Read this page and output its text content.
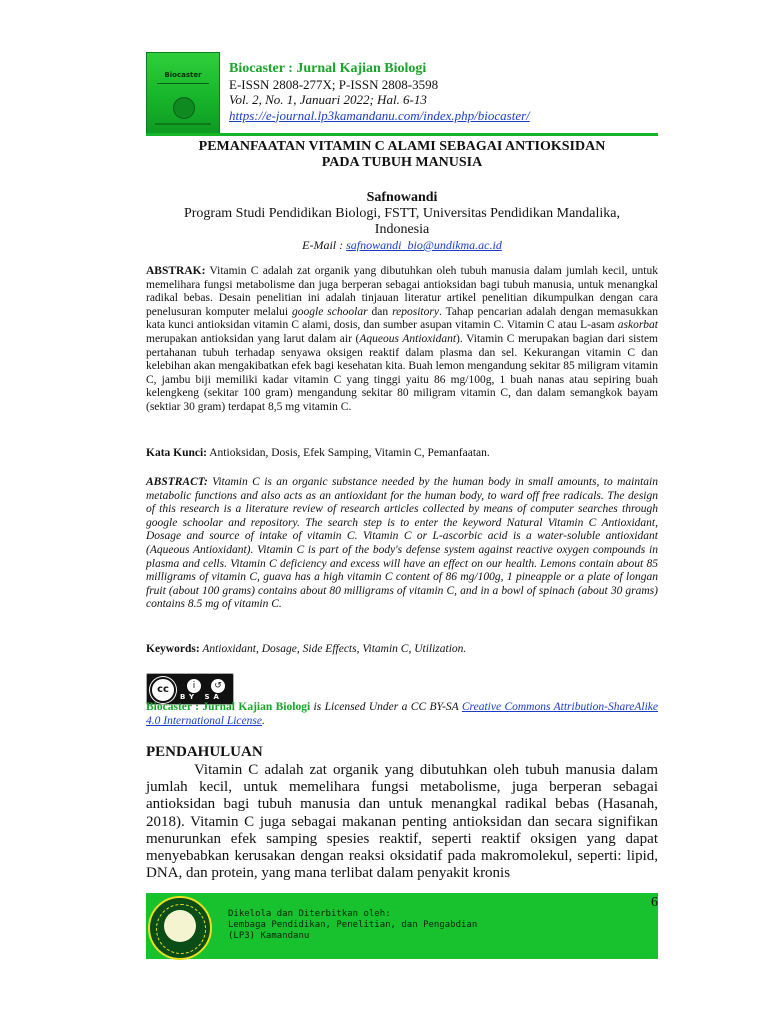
Biocaster	Biocaster : Jurnal Kajian Biologi
E-ISSN 2808-277X; P-ISSN 2808-3598
Vol. 2, No. 1, Januari 2022; Hal. 6-13
https://e-journal.lp3kamandanu.com/index.php/biocaster/
PEMANFAATAN VITAMIN C ALAMI SEBAGAI ANTIOKSIDAN
PADA TUBUH MANUSIA
Safnowandi
Program Studi Pendidikan Biologi, FSTT, Universitas Pendidikan Mandalika,
Indonesia
E-Mail : safnowandi_bio@undikma.ac.id
ABSTRAK: Vitamin C adalah zat organik yang dibutuhkan oleh tubuh manusia dalam jumlah kecil, untuk memelihara fungsi metabolisme dan juga berperan sebagai antioksidan bagi tubuh manusia, untuk menangkal radikal bebas. Desain penelitian ini adalah tinjauan literatur artikel penelitian dikumpulkan dengan cara penelusuran komputer melalui google schoolar dan repository. Tahap pencarian adalah dengan memasukkan kata kunci antioksidan vitamin C alami, dosis, dan sumber asupan vitamin C. Vitamin C atau L-asam askorbat merupakan antioksidan yang larut dalam air (Aqueous Antioxidant). Vitamin C merupakan bagian dari sistem pertahanan tubuh terhadap senyawa oksigen reaktif dalam plasma dan sel. Kekurangan vitamin C dan kelebihan akan mengakibatkan efek bagi kesehatan kita. Buah lemon mengandung sekitar 85 miligram vitamin C, jambu biji memiliki kadar vitamin C yang tinggi yaitu 86 mg/100g, 1 buah nanas atau sepiring buah kelengkeng (sekitar 100 gram) mengandung sekitar 80 miligram vitamin C, dan dalam semangkok bayam (sektiar 30 gram) terdapat 8,5 mg vitamin C.
Kata Kunci: Antioksidan, Dosis, Efek Samping, Vitamin C, Pemanfaatan.
ABSTRACT: Vitamin C is an organic substance needed by the human body in small amounts, to maintain metabolic functions and also acts as an antioxidant for the human body, to ward off free radicals. The design of this research is a literature review of research articles collected by means of computer searches through google schoolar and repository. The search step is to enter the keyword Natural Vitamin C Antioxidant, Dosage and source of intake of vitamin C. Vitamin C or L-ascorbic acid is a water-soluble antioxidant (Aqueous Antioxidant). Vitamin C is part of the body's defense system against reactive oxygen compounds in plasma and cells. Vitamin C deficiency and excess will have an effect on our health. Lemons contain about 85 milligrams of vitamin C, guava has a high vitamin C content of 86 mg/100g, 1 pineapple or a plate of longan fruit (about 100 grams) contains about 80 milligrams of vitamin C, and in a bowl of spinach (about 30 grams) contains 8.5 mg of vitamin C.
Keywords: Antioxidant, Dosage, Side Effects, Vitamin C, Utilization.
cc	i	↺
BY SA
Biocaster : Jurnal Kajian Biologi is Licensed Under a CC BY-SA Creative Commons Attribution-ShareAlike 4.0 International License.
PENDAHULUAN

Vitamin C adalah zat organik yang dibutuhkan oleh tubuh manusia dalam jumlah kecil, untuk memelihara fungsi metabolisme, juga berperan sebagai antioksidan bagi tubuh manusia dan untuk menangkal radikal bebas (Hasanah, 2018). Vitamin C juga sebagai makanan penting antioksidan dan secara signifikan menurunkan efek samping spesies reaktif, seperti reaktif oksigen yang dapat menyebabkan kerusakan dengan reaksi oksidatif pada makromolekul, seperti: lipid, DNA, dan protein, yang mana terlibat dalam penyakit kronis

6
Dikelola dan Diterbitkan oleh:
Lembaga Pendidikan, Penelitian, dan Pengabdian
(LP3) Kamandanu
